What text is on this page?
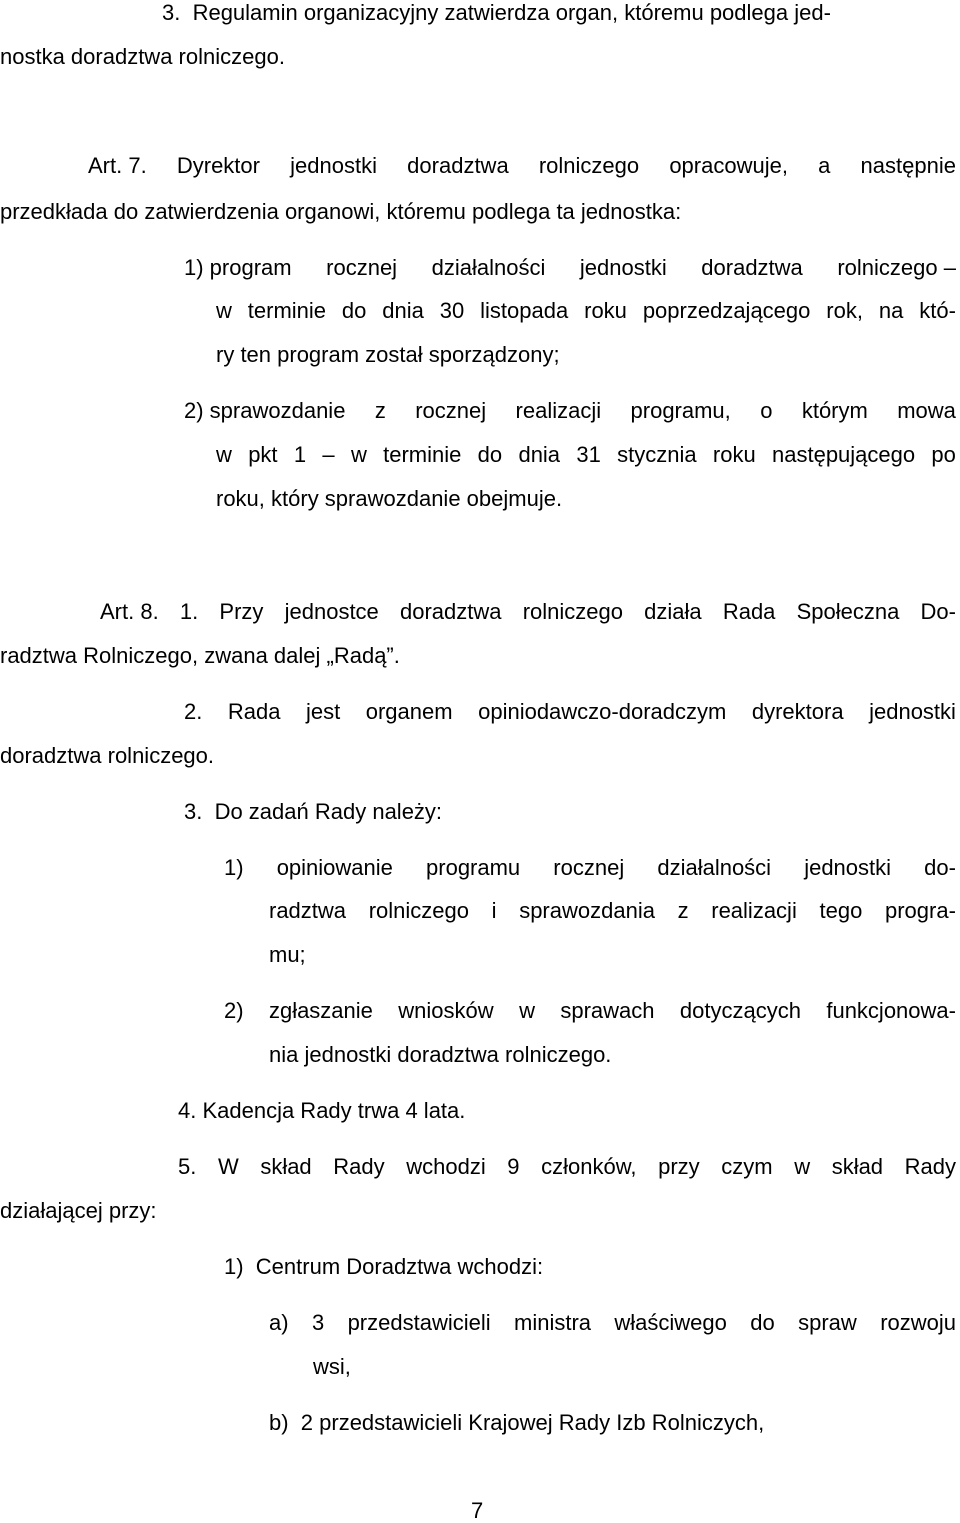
3.  Regulamin organizacyjny zatwierdza organ, któremu podlega jed-
nostka doradztwa rolniczego.
Art. 7. Dyrektor jednostki doradztwa rolniczego opracowuje, a następnie
przedkłada do zatwierdzenia organowi, któremu podlega ta jednostka:
1) program rocznej działalności jednostki doradztwa rolniczego –
w terminie do dnia 30 listopada roku poprzedzającego rok, na któ-
ry ten program został sporządzony;
2) sprawozdanie z rocznej realizacji programu, o którym mowa
w pkt 1 – w terminie do dnia 31 stycznia roku następującego po
roku, który sprawozdanie obejmuje.
Art. 8. 1. Przy jednostce doradztwa rolniczego działa Rada Społeczna Do-
radztwa Rolniczego, zwana dalej „Radą”.
2. Rada jest organem opiniodawczo-doradczym dyrektora jednostki
doradztwa rolniczego.
3.  Do zadań Rady należy:
1) opiniowanie programu rocznej działalności jednostki do-
radztwa rolniczego i sprawozdania z realizacji tego progra-
mu;
2) zgłaszanie wniosków w sprawach dotyczących funkcjonowa-
nia jednostki doradztwa rolniczego.
4. Kadencja Rady trwa 4 lata.
5. W skład Rady wchodzi 9 członków, przy czym w skład Rady
działającej przy:
1)  Centrum Doradztwa wchodzi:
a) 3 przedstawicieli ministra właściwego do spraw rozwoju
wsi,
b)  2 przedstawicieli Krajowej Rady Izb Rolniczych,
7
